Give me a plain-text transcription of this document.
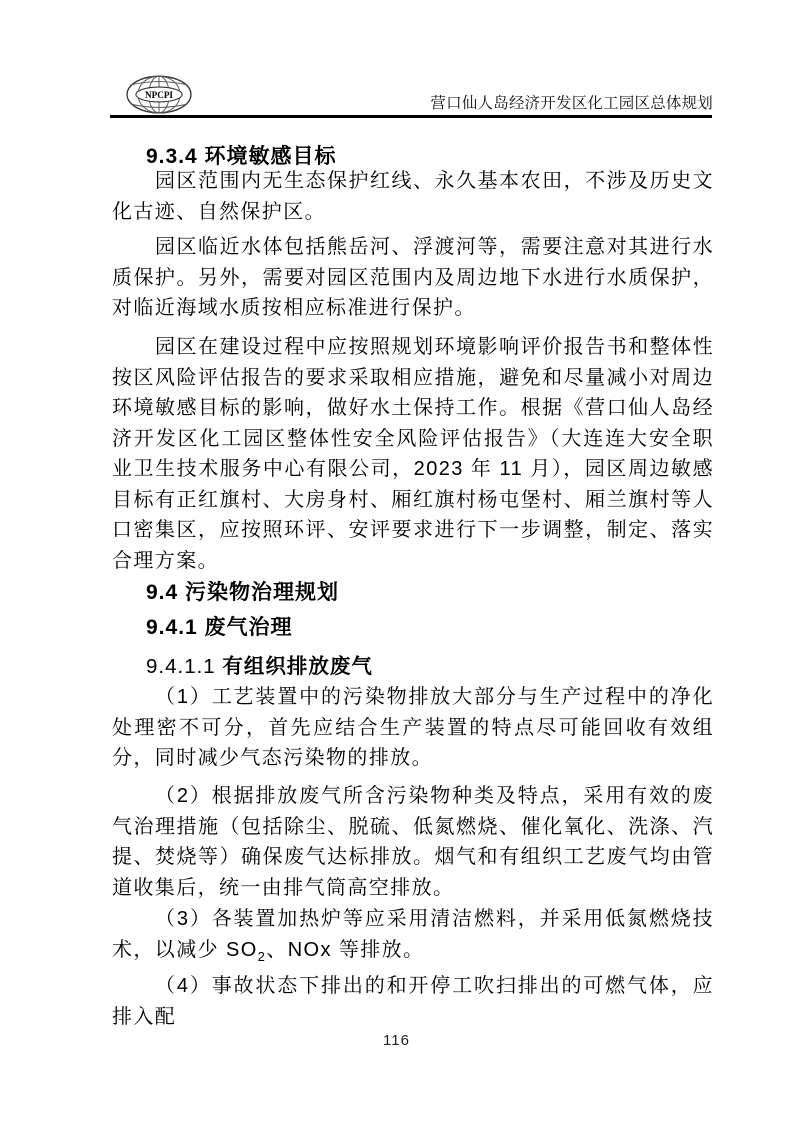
NPCPI
营口仙人岛经济开发区化工园区总体规划
9.3.4 环境敏感目标

园区范围内无生态保护红线、永久基本农田，不涉及历史文化古迹、自然保护区。

园区临近水体包括熊岳河、浮渡河等，需要注意对其进行水质保护。另外，需要对园区范围内及周边地下水进行水质保护，对临近海域水质按相应标准进行保护。

园区在建设过程中应按照规划环境影响评价报告书和整体性按区风险评估报告的要求采取相应措施，避免和尽量减小对周边环境敏感目标的影响，做好水土保持工作。根据《营口仙人岛经济开发区化工园区整体性安全风险评估报告》（大连连大安全职业卫生技术服务中心有限公司，2023 年 11 月），园区周边敏感目标有正红旗村、大房身村、厢红旗村杨屯堡村、厢兰旗村等人口密集区，应按照环评、安评要求进行下一步调整，制定、落实合理方案。

9.4 污染物治理规划
9.4.1 废气治理
9.4.1.1 有组织排放废气

（1）工艺装置中的污染物排放大部分与生产过程中的净化处理密不可分，首先应结合生产装置的特点尽可能回收有效组分，同时减少气态污染物的排放。

（2）根据排放废气所含污染物种类及特点，采用有效的废气治理措施（包括除尘、脱硫、低氮燃烧、催化氧化、洗涤、汽提、焚烧等）确保废气达标排放。烟气和有组织工艺废气均由管道收集后，统一由排气筒高空排放。

（3）各装置加热炉等应采用清洁燃料，并采用低氮燃烧技术，以减少 $SO_2$、NOx 等排放。

（4）事故状态下排出的和开停工吹扫排出的可燃气体，应排入配

116
